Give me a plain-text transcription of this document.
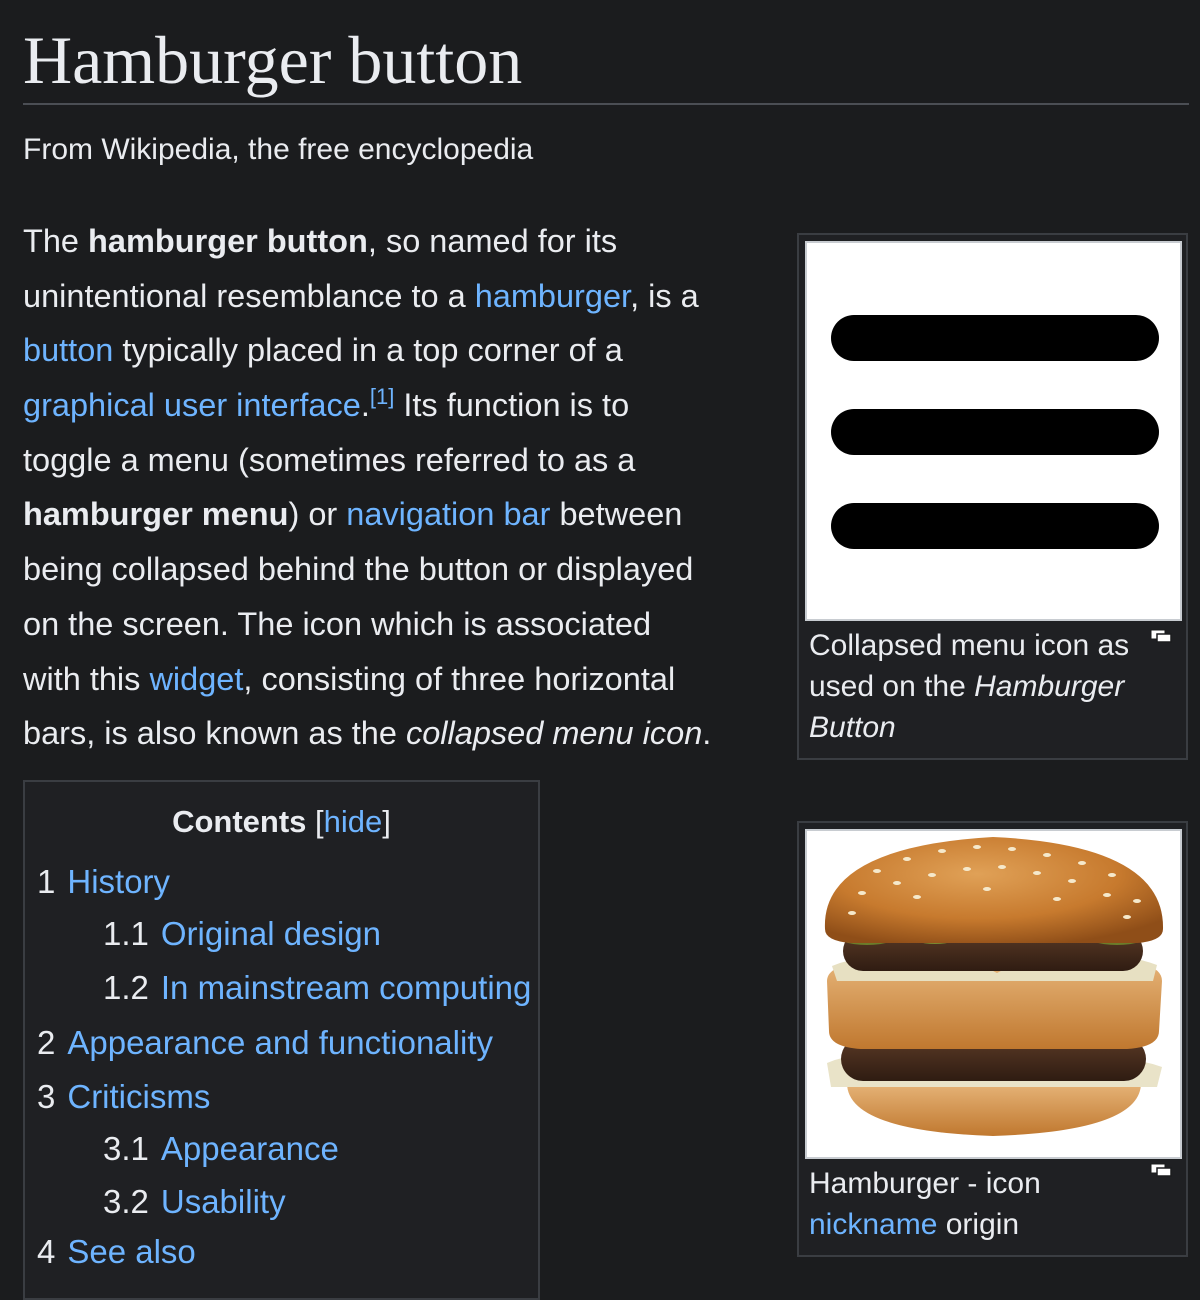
Hamburger button
From Wikipedia, the free encyclopedia
The hamburger button, so named for its
unintentional resemblance to a hamburger, is a
button typically placed in a top corner of a
graphical user interface.[1] Its function is to
toggle a menu (sometimes referred to as a
hamburger menu) or navigation bar between
being collapsed behind the button or displayed
on the screen. The icon which is associated
with this widget, consisting of three horizontal
bars, is also known as the collapsed menu icon.
Contents [hide]
1 History
1.1 Original design
1.2 In mainstream computing
2 Appearance and functionality
3 Criticisms
3.1 Appearance
3.2 Usability
4 See also
Collapsed menu icon as
used on the Hamburger
Button
Hamburger - icon
nickname origin
